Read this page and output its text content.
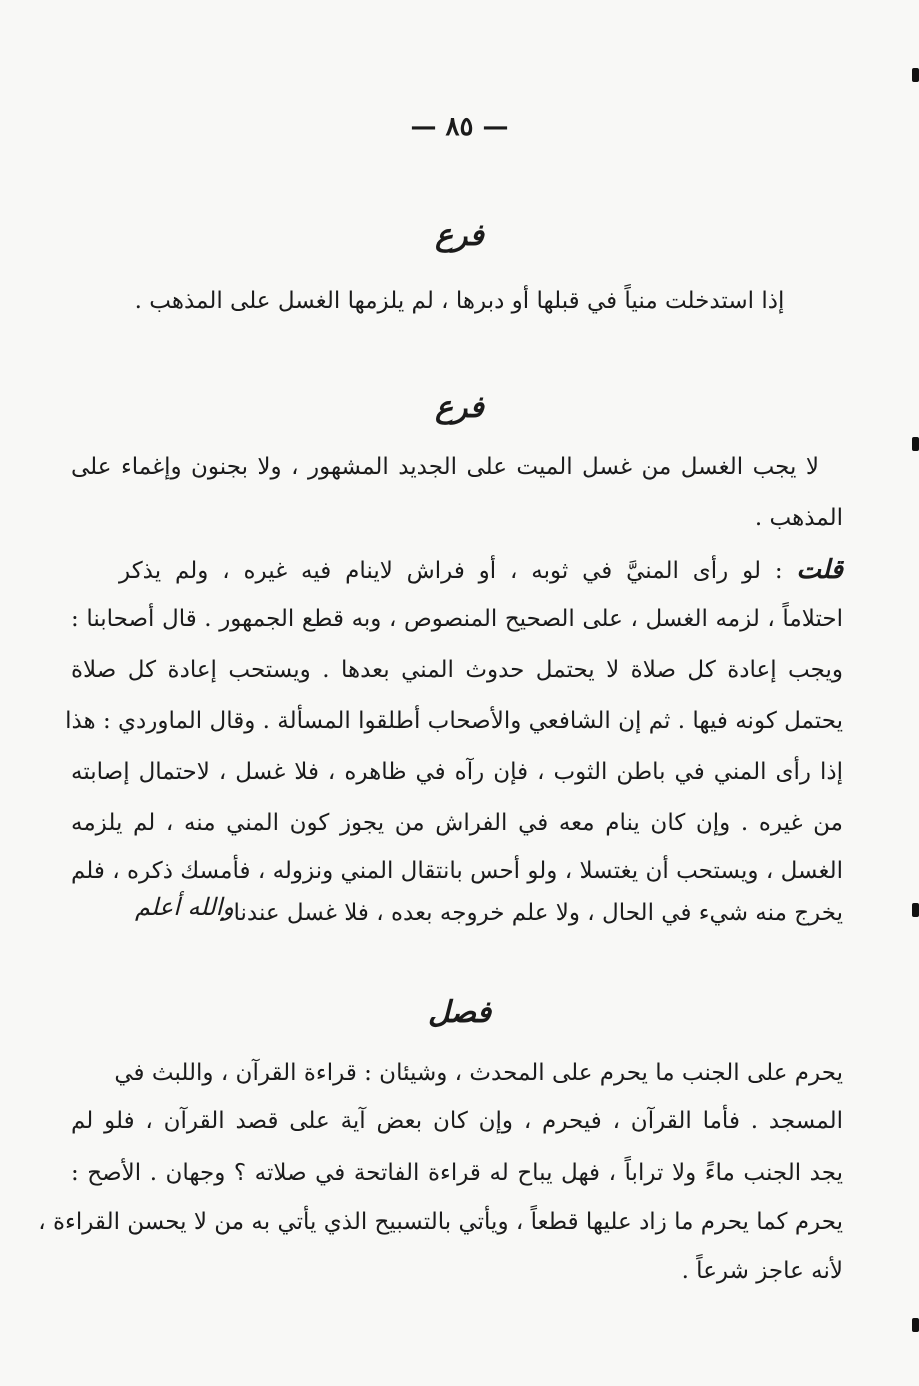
— ٨٥ —
فرع
إذا استدخلت منياً في قبلها أو دبرها ، لم يلزمها الغسل على المذهب .
فرع
لا يجب الغسل من غسل الميت على الجديد المشهور ، ولا بجنون وإغماء على
المذهب .
قلت : لو رأى المنيَّ في ثوبه ، أو فراش لاينام فيه غيره ، ولم يذكر
احتلاماً ، لزمه الغسل ، على الصحيح المنصوص ، وبه قطع الجمهور . قال أصحابنا :
ويجب إعادة كل صلاة لا يحتمل حدوث المني بعدها . ويستحب إعادة كل صلاة
يحتمل كونه فيها . ثم إن الشافعي والأصحاب أطلقوا المسألة . وقال الماوردي : هذا
إذا رأى المني في باطن الثوب ، فإن رآه في ظاهره ، فلا غسل ، لاحتمال إصابته
من غيره . وإن كان ينام معه في الفراش من يجوز كون المني منه ، لم يلزمه
الغسل ، ويستحب أن يغتسلا ، ولو أحس بانتقال المني ونزوله ، فأمسك ذكره ، فلم
يخرج منه شيء في الحال ، ولا علم خروجه بعده ، فلا غسل عندنا .
والله أعلم
فصل
يحرم على الجنب ما يحرم على المحدث ، وشيئان : قراءة القرآن ، واللبث في
المسجد . فأما القرآن ، فيحرم ، وإن كان بعض آية على قصد القرآن ، فلو لم
يجد الجنب ماءً ولا تراباً ، فهل يباح له قراءة الفاتحة في صلاته ؟ وجهان . الأصح :
يحرم كما يحرم ما زاد عليها قطعاً ، ويأتي بالتسبيح الذي يأتي به من لا يحسن القراءة ،
لأنه عاجز شرعاً .
